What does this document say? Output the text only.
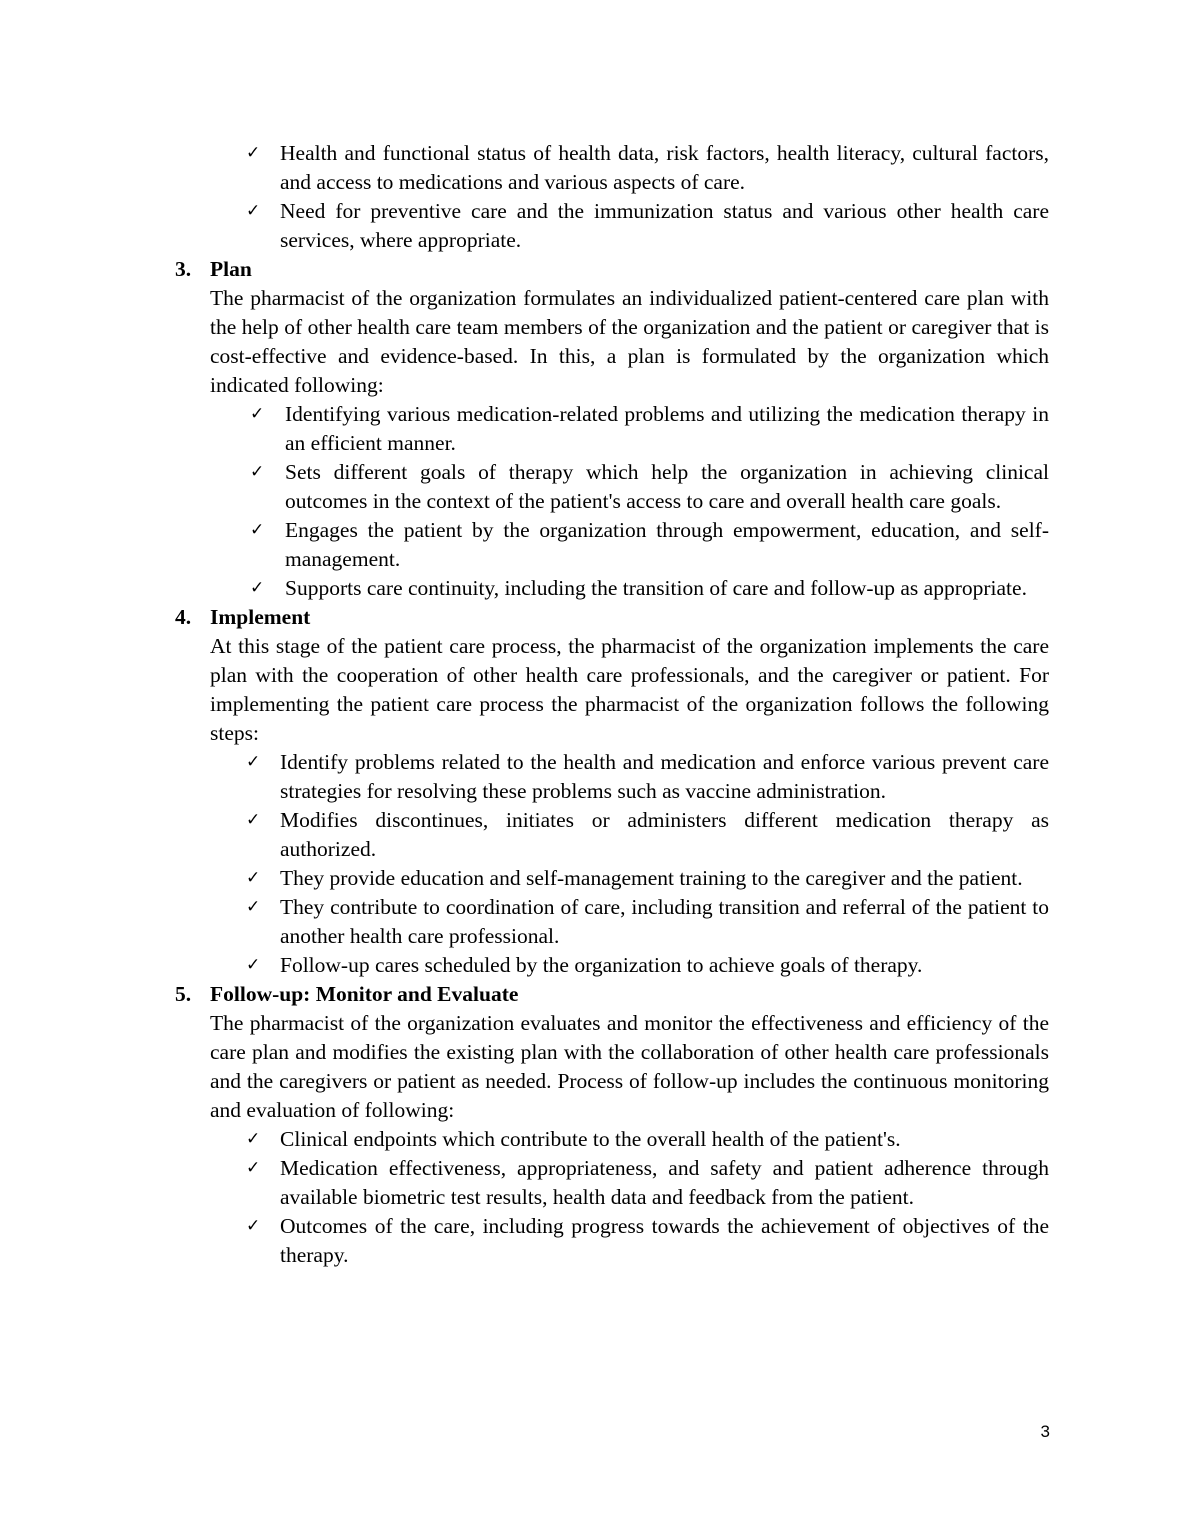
✓ Health and functional status of health data, risk factors, health literacy, cultural factors, and access to medications and various aspects of care.
✓ Need for preventive care and the immunization status and various other health care services, where appropriate.
3. Plan

The pharmacist of the organization formulates an individualized patient-centered care plan with the help of other health care team members of the organization and the patient or caregiver that is cost-effective and evidence-based. In this, a plan is formulated by the organization which indicated following:

✓ Identifying various medication-related problems and utilizing the medication therapy in an efficient manner.
✓ Sets different goals of therapy which help the organization in achieving clinical outcomes in the context of the patient's access to care and overall health care goals.
✓ Engages the patient by the organization through empowerment, education, and self-management.
✓ Supports care continuity, including the transition of care and follow-up as appropriate.
4. Implement

At this stage of the patient care process, the pharmacist of the organization implements the care plan with the cooperation of other health care professionals, and the caregiver or patient. For implementing the patient care process the pharmacist of the organization follows the following steps:

✓ Identify problems related to the health and medication and enforce various prevent care strategies for resolving these problems such as vaccine administration.
✓ Modifies discontinues, initiates or administers different medication therapy as authorized.
✓ They provide education and self-management training to the caregiver and the patient.
✓ They contribute to coordination of care, including transition and referral of the patient to another health care professional.
✓ Follow-up cares scheduled by the organization to achieve goals of therapy.
5. Follow-up: Monitor and Evaluate

The pharmacist of the organization evaluates and monitor the effectiveness and efficiency of the care plan and modifies the existing plan with the collaboration of other health care professionals and the caregivers or patient as needed. Process of follow-up includes the continuous monitoring and evaluation of following:

✓ Clinical endpoints which contribute to the overall health of the patient's.
✓ Medication effectiveness, appropriateness, and safety and patient adherence through available biometric test results, health data and feedback from the patient.
✓ Outcomes of the care, including progress towards the achievement of objectives of the therapy.
3
